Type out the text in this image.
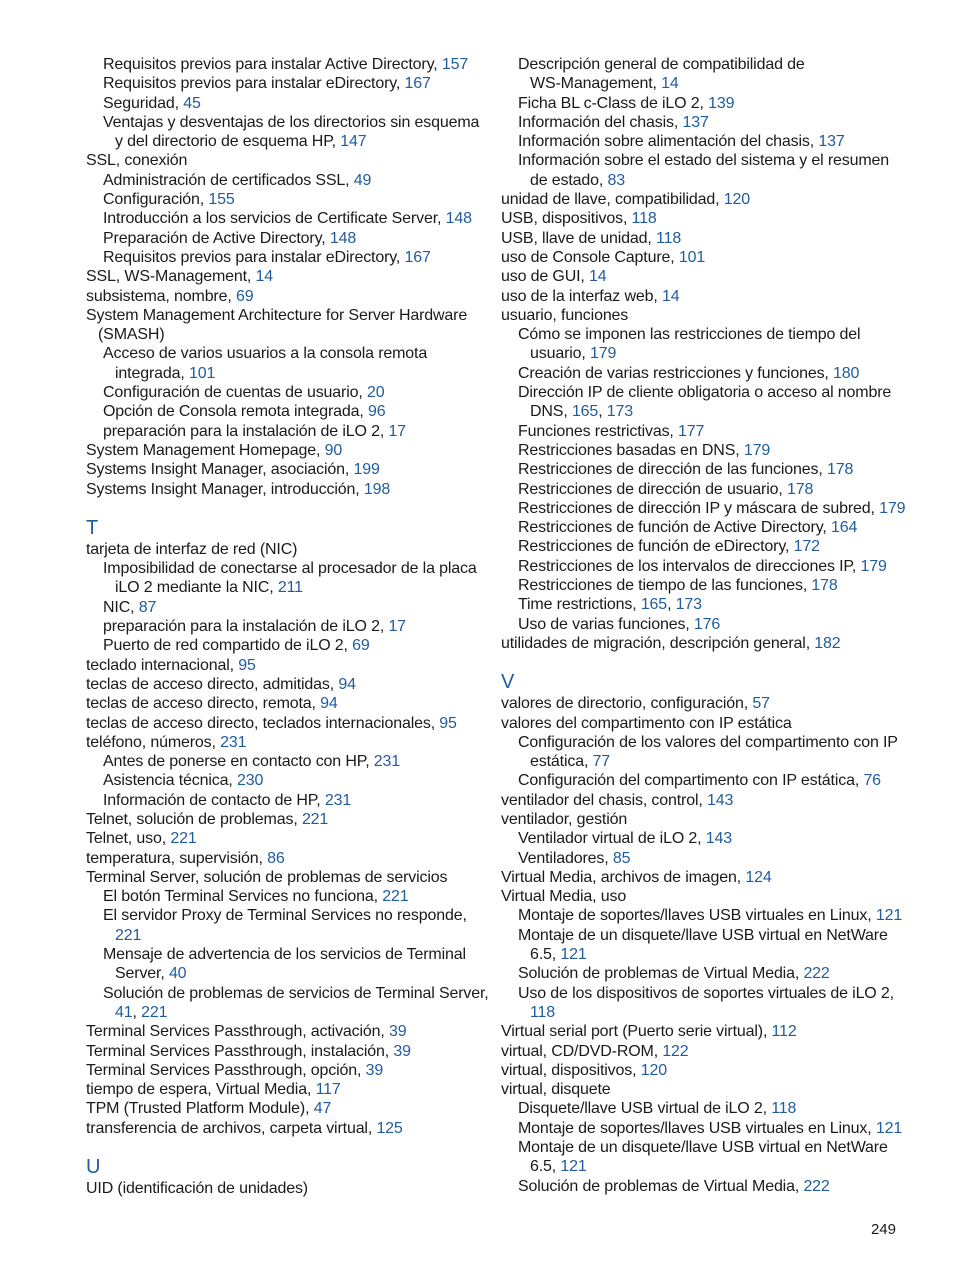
Requisitos previos para instalar Active Directory, 157
Requisitos previos para instalar eDirectory, 167
Seguridad, 45
Ventajas y desventajas de los directorios sin esquema
y del directorio de esquema HP, 147
SSL, conexión
Administración de certificados SSL, 49
Configuración, 155
Introducción a los servicios de Certificate Server, 148
Preparación de Active Directory, 148
Requisitos previos para instalar eDirectory, 167
SSL, WS-Management, 14
subsistema, nombre, 69
System Management Architecture for Server Hardware
(SMASH)
Acceso de varios usuarios a la consola remota
integrada, 101
Configuración de cuentas de usuario, 20
Opción de Consola remota integrada, 96
preparación para la instalación de iLO 2, 17
System Management Homepage, 90
Systems Insight Manager, asociación, 199
Systems Insight Manager, introducción, 198
T
tarjeta de interfaz de red (NIC)
Imposibilidad de conectarse al procesador de la placa
iLO 2 mediante la NIC, 211
NIC, 87
preparación para la instalación de iLO 2, 17
Puerto de red compartido de iLO 2, 69
teclado internacional, 95
teclas de acceso directo, admitidas, 94
teclas de acceso directo, remota, 94
teclas de acceso directo, teclados internacionales, 95
teléfono, números, 231
Antes de ponerse en contacto con HP, 231
Asistencia técnica, 230
Información de contacto de HP, 231
Telnet, solución de problemas, 221
Telnet, uso, 221
temperatura, supervisión, 86
Terminal Server, solución de problemas de servicios
El botón Terminal Services no funciona, 221
El servidor Proxy de Terminal Services no responde,
221
Mensaje de advertencia de los servicios de Terminal
Server, 40
Solución de problemas de servicios de Terminal Server,
41, 221
Terminal Services Passthrough, activación, 39
Terminal Services Passthrough, instalación, 39
Terminal Services Passthrough, opción, 39
tiempo de espera, Virtual Media, 117
TPM (Trusted Platform Module), 47
transferencia de archivos, carpeta virtual, 125
U
UID (identificación de unidades)
Descripción general de compatibilidad de
WS-Management, 14
Ficha BL c-Class de iLO 2, 139
Información del chasis, 137
Información sobre alimentación del chasis, 137
Información sobre el estado del sistema y el resumen
de estado, 83
unidad de llave, compatibilidad, 120
USB, dispositivos, 118
USB, llave de unidad, 118
uso de Console Capture, 101
uso de GUI, 14
uso de la interfaz web, 14
usuario, funciones
Cómo se imponen las restricciones de tiempo del
usuario, 179
Creación de varias restricciones y funciones, 180
Dirección IP de cliente obligatoria o acceso al nombre
DNS, 165, 173
Funciones restrictivas, 177
Restricciones basadas en DNS, 179
Restricciones de dirección de las funciones, 178
Restricciones de dirección de usuario, 178
Restricciones de dirección IP y máscara de subred, 179
Restricciones de función de Active Directory, 164
Restricciones de función de eDirectory, 172
Restricciones de los intervalos de direcciones IP, 179
Restricciones de tiempo de las funciones, 178
Time restrictions, 165, 173
Uso de varias funciones, 176
utilidades de migración, descripción general, 182
V
valores de directorio, configuración, 57
valores del compartimento con IP estática
Configuración de los valores del compartimento con IP
estática, 77
Configuración del compartimento con IP estática, 76
ventilador del chasis, control, 143
ventilador, gestión
Ventilador virtual de iLO 2, 143
Ventiladores, 85
Virtual Media, archivos de imagen, 124
Virtual Media, uso
Montaje de soportes/llaves USB virtuales en Linux, 121
Montaje de un disquete/llave USB virtual en NetWare
6.5, 121
Solución de problemas de Virtual Media, 222
Uso de los dispositivos de soportes virtuales de iLO 2,
118
Virtual serial port (Puerto serie virtual), 112
virtual, CD/DVD-ROM, 122
virtual, dispositivos, 120
virtual, disquete
Disquete/llave USB virtual de iLO 2, 118
Montaje de soportes/llaves USB virtuales en Linux, 121
Montaje de un disquete/llave USB virtual en NetWare
6.5, 121
Solución de problemas de Virtual Media, 222
249
